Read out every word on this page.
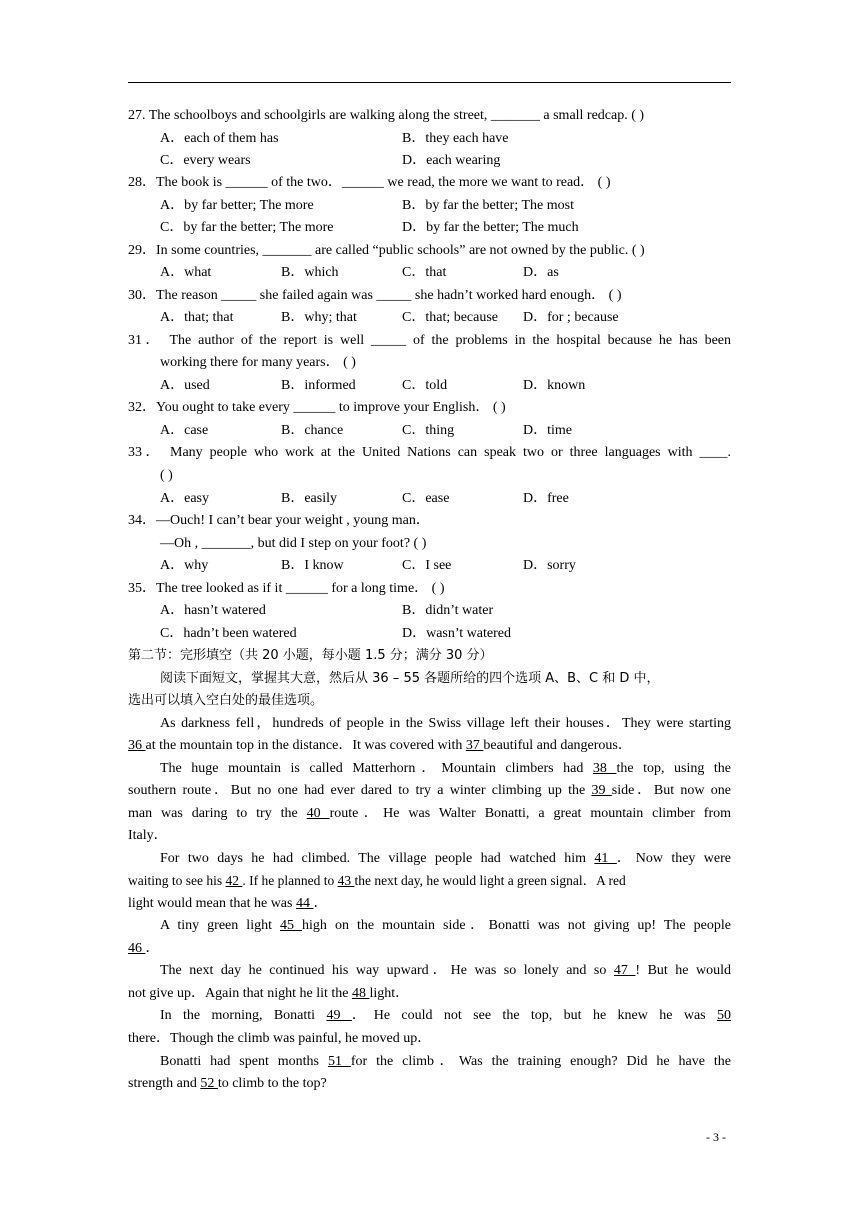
27. The schoolboys and schoolgirls are walking along the street, _______ a small redcap. ( )
A．each of them has	B．they each have
C．every wears	D．each wearing
28．The book is ______ of the two．______ we read, the more we want to read． ( )
A．by far better; The more	B．by far the better; The most
C．by far the better; The more	D．by far the better; The much
29．In some countries, _______ are called “public schools” are not owned by the public. ( )
A．what	B．which	C．that	D．as
30．The reason _____ she failed again was _____ she hadn’t worked hard enough． ( )
A．that; that	B．why; that	C．that; because D．for ; because
31． The author of the report is well _____ of the problems in the hospital because he has been
working there for many years． ( )
A．used	B．informed	C．told	D．known
32．You ought to take every ______ to improve your English． ( )
A．case	B．chance	C．thing	D．time
33． Many people who work at the United Nations can speak two or three languages with ____.
( )
A．easy	B．easily	C．ease	D．free
34．—Ouch! I can’t bear your weight , young man．
—Oh , _______, but did I step on your foot? ( )
A．why	B．I know	C．I see	D．sorry
35．The tree looked as if it ______ for a long time． ( )
A．hasn’t watered	B．didn’t water
C．hadn’t been watered	D．wasn’t watered
第二节：完形填空（共 20 小题，每小题 1.5 分；满分 30 分）
阅读下面短文，掌握其大意，然后从 36 – 55 各题所给的四个选项 A、B、C 和 D 中，
选出可以填入空白处的最佳选项。
As darkness fell，hundreds of people in the Swiss village left their houses．They were starting
36 at the mountain top in the distance．It was covered with 37 beautiful and dangerous．
The huge mountain is called Matterhorn．Mountain climbers had 38 the top, using the
southern route．But no one had ever dared to try a winter climbing up the 39 side．But now one
man was daring to try the 40 route．He was Walter Bonatti, a great mountain climber from
Italy．
For two days he had climbed. The village people had watched him 41 ．Now they were
waiting to see his 42 . If he planned to 43 the next day, he would light a green signal．A red
light would mean that he was 44 ．
A tiny green light 45 high on the mountain side．Bonatti was not giving up! The people
46 ．
The next day he continued his way upward．He was so lonely and so 47 ! But he would
not give up．Again that night he lit the 48 light．
In the morning, Bonatti 49 ．He could not see the top, but he knew he was 50
there．Though the climb was painful, he moved up．
Bonatti had spent months 51 for the climb．Was the training enough? Did he have the
strength and 52 to climb to the top?
- 3 -
